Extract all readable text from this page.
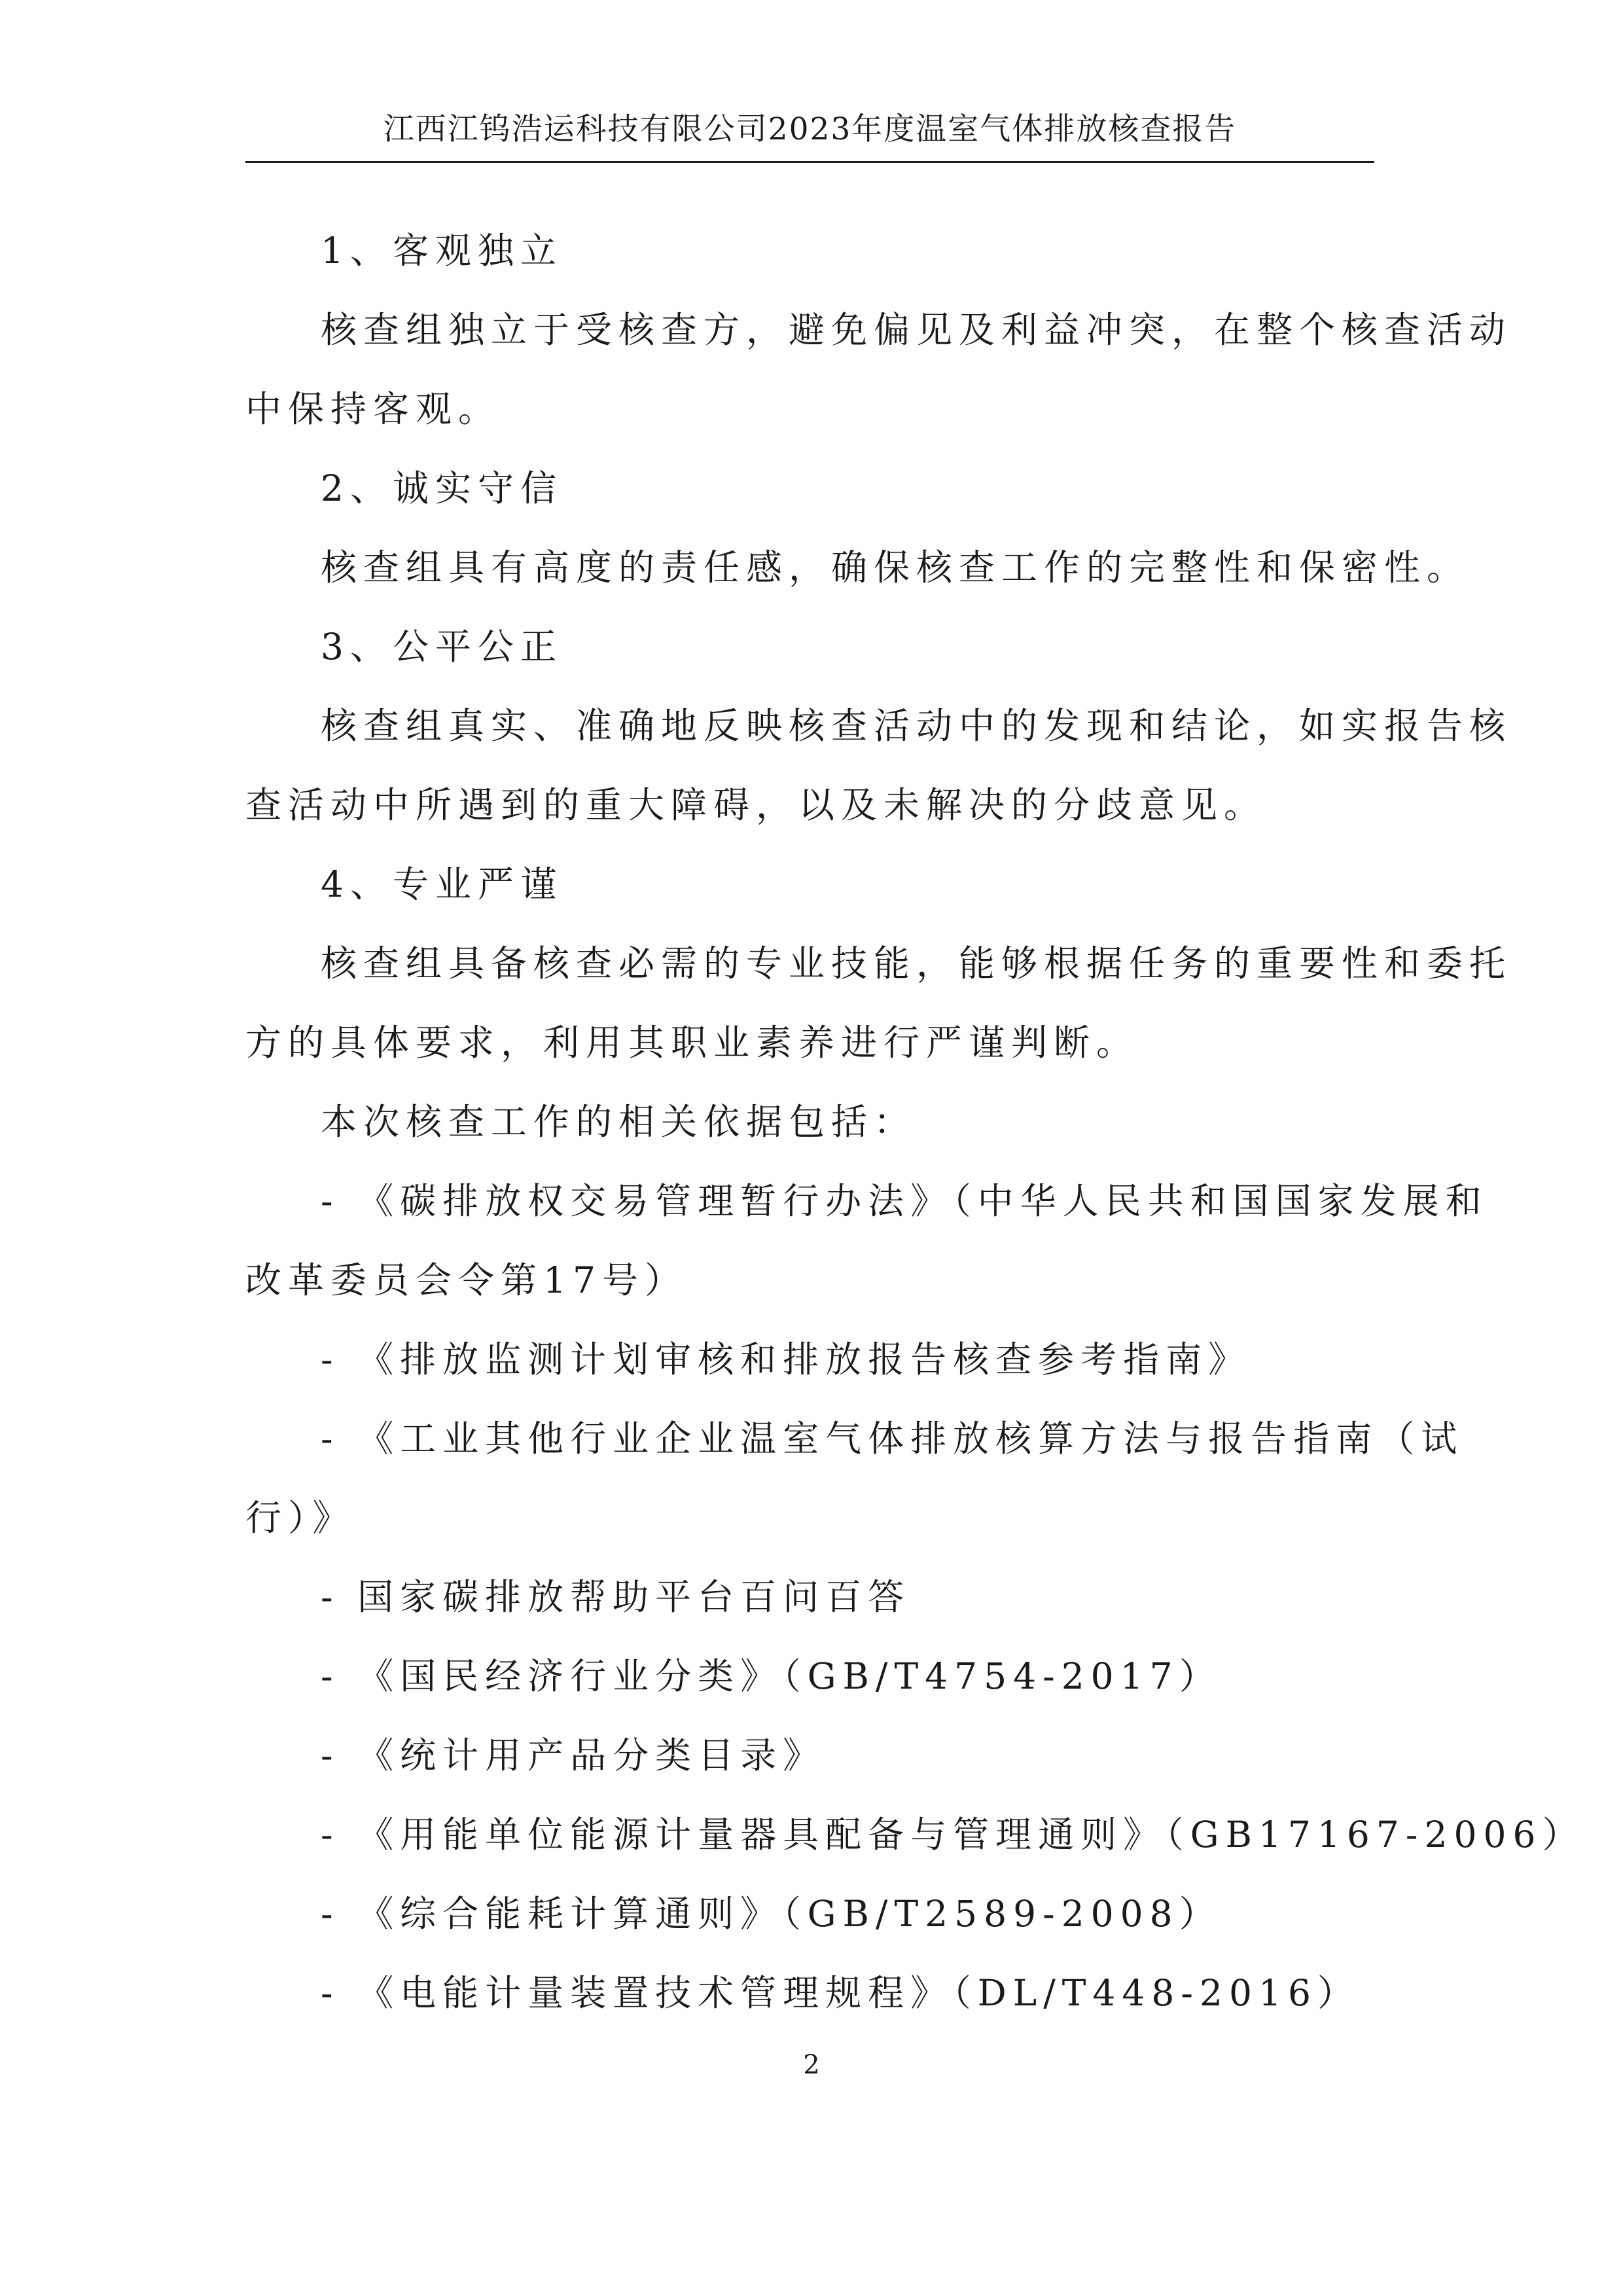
江西江钨浩运科技有限公司2023年度温室气体排放核查报告
1、客观独立
核查组独立于受核查方，避免偏见及利益冲突，在整个核查活动
中保持客观。
2、诚实守信
核查组具有高度的责任感，确保核查工作的完整性和保密性。
3、公平公正
核查组真实、准确地反映核查活动中的发现和结论，如实报告核
查活动中所遇到的重大障碍，以及未解决的分歧意见。
4、专业严谨
核查组具备核查必需的专业技能，能够根据任务的重要性和委托
方的具体要求，利用其职业素养进行严谨判断。
本次核查工作的相关依据包括：
- 《碳排放权交易管理暂行办法》（中华人民共和国国家发展和
改革委员会令第17号）
- 《排放监测计划审核和排放报告核查参考指南》
- 《工业其他行业企业温室气体排放核算方法与报告指南（试
行）》
- 国家碳排放帮助平台百问百答
- 《国民经济行业分类》（GB/T4754-2017）
- 《统计用产品分类目录》
- 《用能单位能源计量器具配备与管理通则》（GB17167-2006）
- 《综合能耗计算通则》（GB/T2589-2008）
- 《电能计量装置技术管理规程》（DL/T448-2016）
2
